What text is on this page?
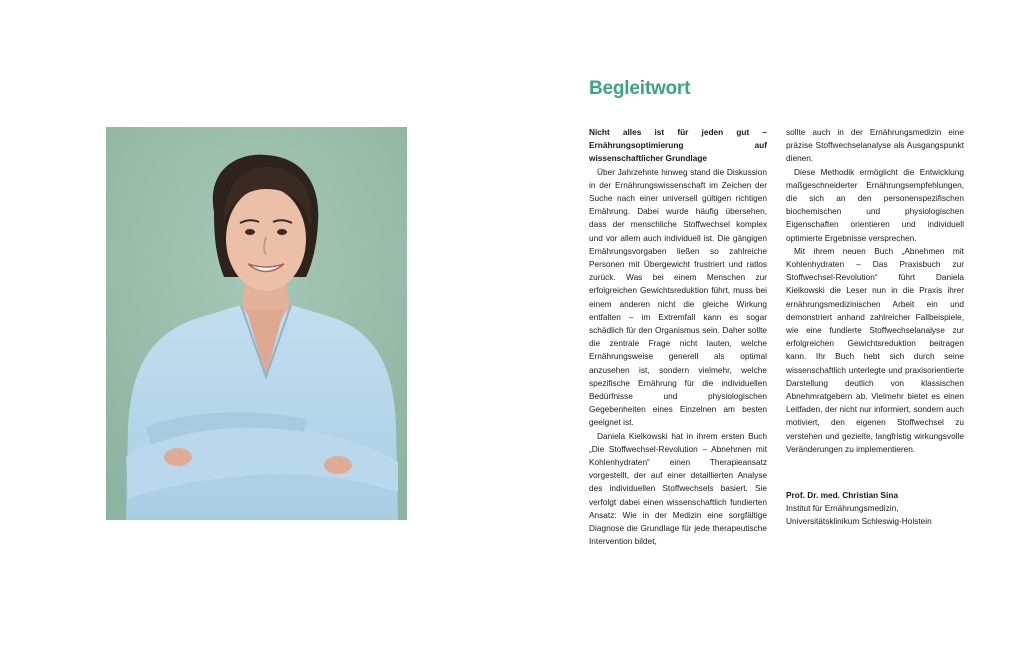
Begleitwort

Nicht alles ist für jeden gut – Ernährungsoptimierung auf wissenschaftlicher Grundlage

Über Jahrzehnte hinweg stand die Diskussion in der Ernährungswissenschaft im Zeichen der Suche nach einer universell gültigen richtigen Ernährung. Dabei wurde häufig übersehen, dass der menschliche Stoffwechsel komplex und vor allem auch individuell ist. Die gängigen Ernährungsvorgaben ließen so zahlreiche Personen mit Übergewicht frustriert und ratlos zurück. Was bei einem Menschen zur erfolgreichen Gewichtsreduktion führt, muss bei einem anderen nicht die gleiche Wirkung entfalten – im Extremfall kann es sogar schädlich für den Organismus sein. Daher sollte die zentrale Frage nicht lauten, welche Ernährungsweise generell als optimal anzusehen ist, sondern vielmehr, welche spezifische Ernährung für die individuellen Bedürfnisse und physiologischen Gegebenheiten eines Einzelnen am besten geeignet ist.

Daniela Kielkowski hat in ihrem ersten Buch „Die Stoffwechsel-Revolution – Abnehmen mit Kohlenhydraten“ einen Therapieansatz vorgestellt, der auf einer detaillierten Analyse des individuellen Stoffwechsels basiert. Sie verfolgt dabei einen wissenschaftlich fundierten Ansatz: Wie in der Medizin eine sorgfältige Diagnose die Grundlage für jede therapeutische Intervention bildet,

sollte auch in der Ernährungsmedizin eine präzise Stoffwechselanalyse als Ausgangspunkt dienen.

Diese Methodik ermöglicht die Entwicklung maßgeschneiderter Ernährungsempfehlungen, die sich an den personenspezifischen biochemischen und physiologischen Eigenschaften orientieren und individuell optimierte Ergebnisse versprechen.

Mit ihrem neuen Buch „Abnehmen mit Kohlenhydraten – Das Praxisbuch zur Stoffwechsel-Revolution“ führt Daniela Kielkowski die Leser nun in die Praxis ihrer ernährungsmedizinischen Arbeit ein und demonstriert anhand zahlreicher Fallbeispiele, wie eine fundierte Stoffwechselanalyse zur erfolgreichen Gewichtsreduktion beitragen kann. Ihr Buch hebt sich durch seine wissenschaftlich unterlegte und praxisorientierte Darstellung deutlich von klassischen Abnehmratgebern ab. Vielmehr bietet es einen Leitfaden, der nicht nur informiert, sondern auch motiviert, den eigenen Stoffwechsel zu verstehen und gezielte, langfristig wirkungsvolle Veränderungen zu implementieren.

Prof. Dr. med. Christian Sina
Institut für Ernährungsmedizin,
Universitätsklinikum Schleswig-Holstein
